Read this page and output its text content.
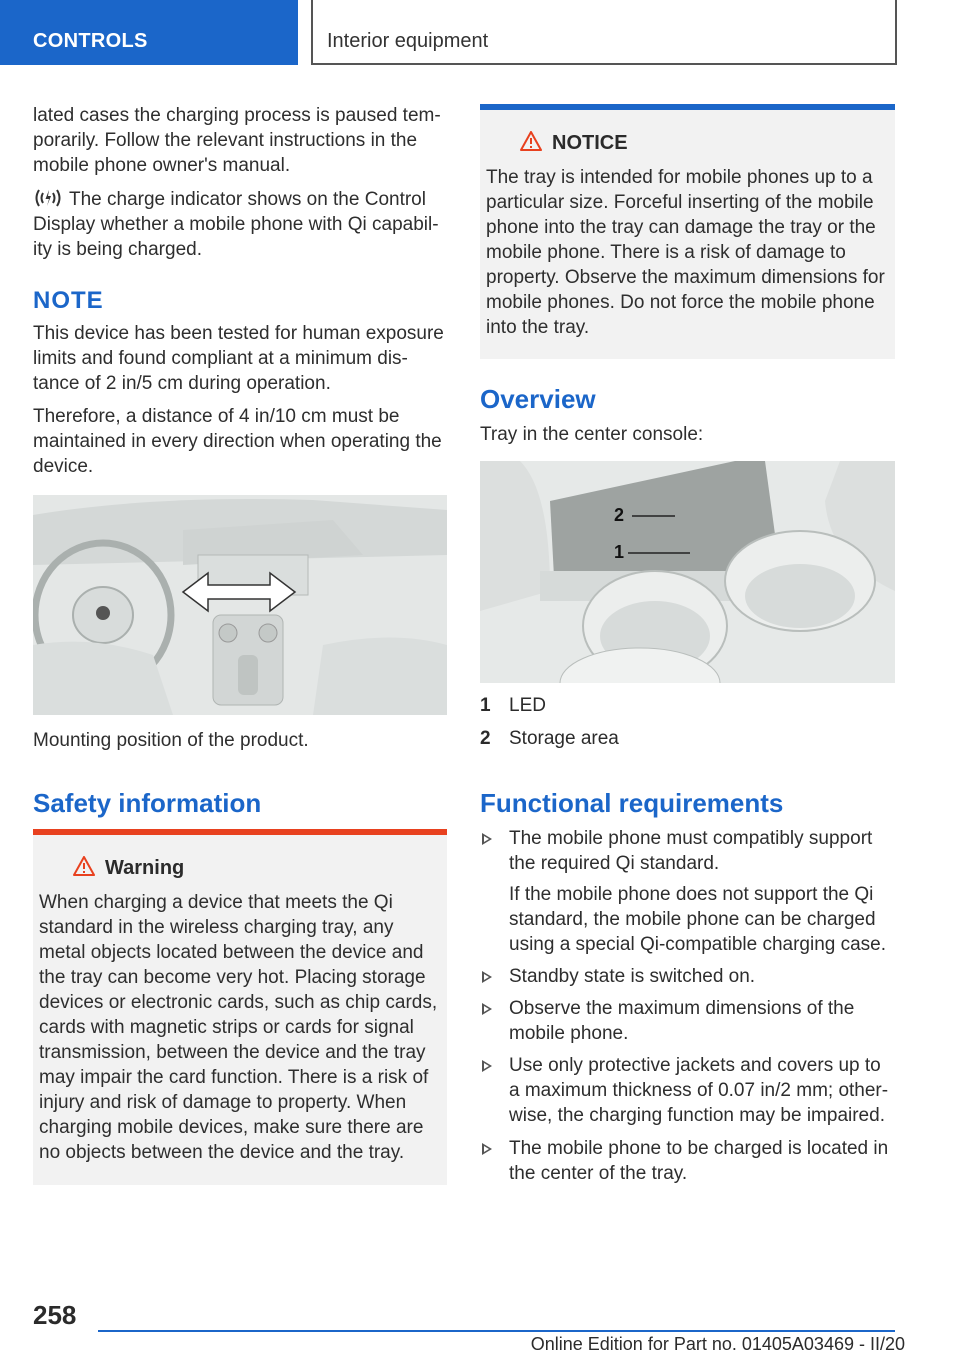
CONTROLS	Interior equipment

lated cases the charging process is paused tem-porarily. Follow the relevant instructions in the mobile phone owner's manual.

The charge indicator shows on the Control Display whether a mobile phone with Qi capabil-ity is being charged.

NOTE

This device has been tested for human exposure limits and found compliant at a minimum dis-tance of 2 in/5 cm during operation.

Therefore, a distance of 4 in/10 cm must be maintained in every direction when operating the device.

Mounting position of the product.

Safety information
Warning

When charging a device that meets the Qi standard in the wireless charging tray, any metal objects located between the device and the tray can become very hot. Placing storage devices or electronic cards, such as chip cards, cards with magnetic strips or cards for signal transmission, between the device and the tray may impair the card function. There is a risk of injury and risk of damage to property. When charging mobile devices, make sure there are no objects between the device and the tray.

NOTICE

The tray is intended for mobile phones up to a particular size. Forceful inserting of the mobile phone into the tray can damage the tray or the mobile phone. There is a risk of damage to property. Observe the maximum dimensions for mobile phones. Do not force the mobile phone into the tray.

Overview

Tray in the center console:

2
1
1 LED
2 Storage area
Functional requirements

The mobile phone must compatibly support the required Qi standard.

If the mobile phone does not support the Qi standard, the mobile phone can be charged using a special Qi-compatible charging case.

Standby state is switched on.

Observe the maximum dimensions of the mobile phone.

Use only protective jackets and covers up to a maximum thickness of 0.07 in/2 mm; other-wise, the charging function may be impaired.

The mobile phone to be charged is located in the center of the tray.

258
Online Edition for Part no. 01405A03469 - II/20
